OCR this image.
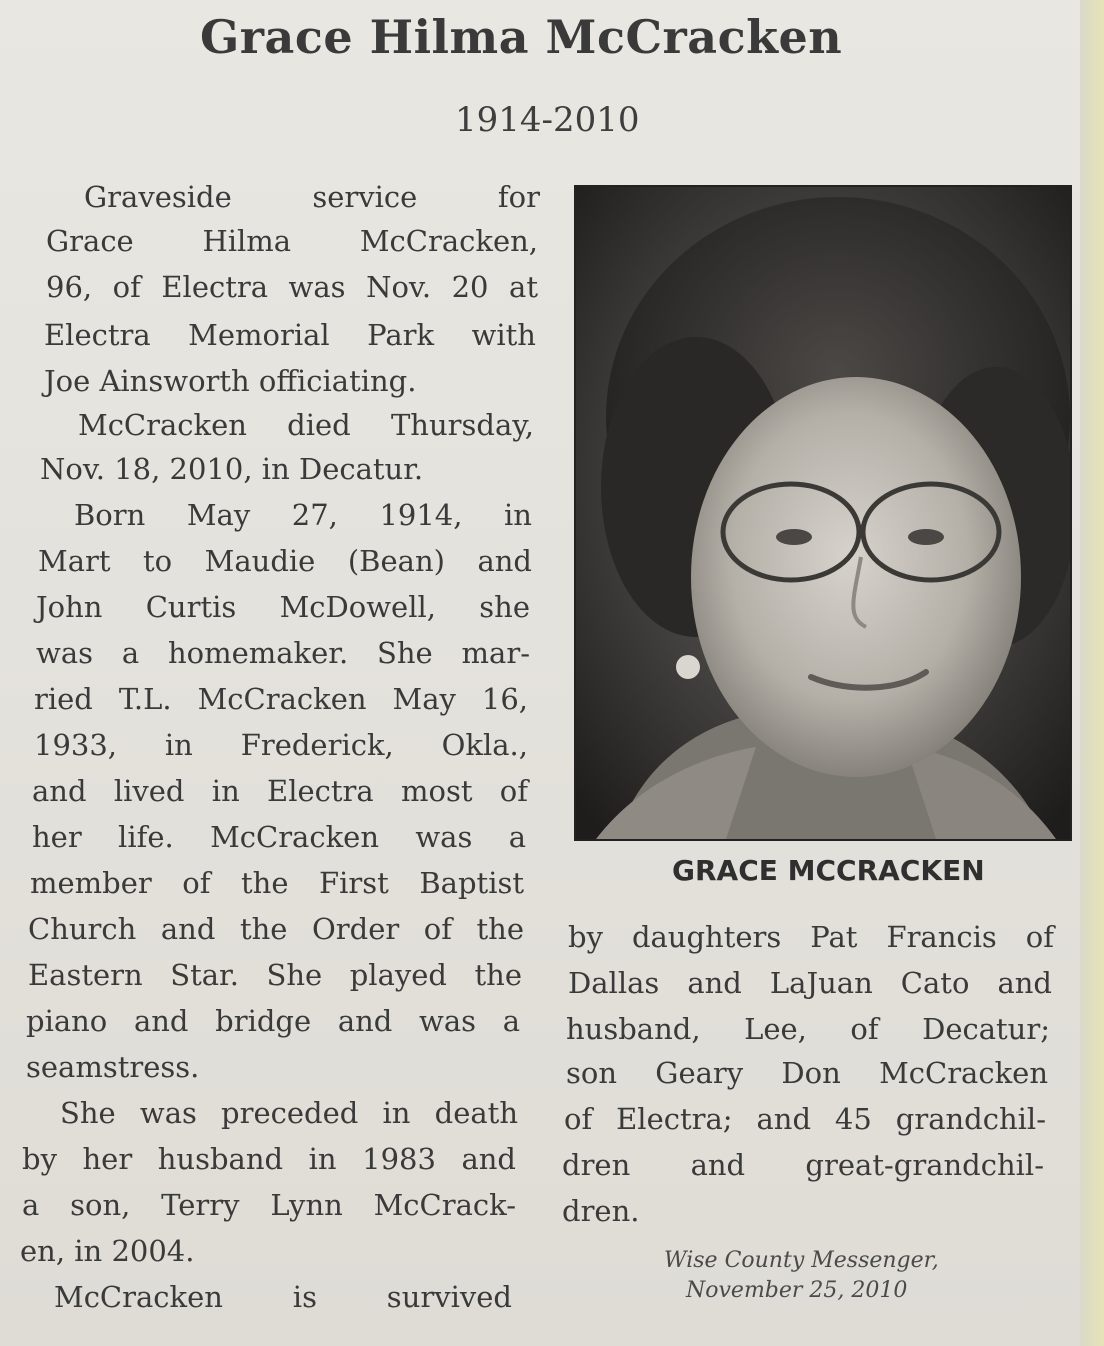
Grace Hilma McCracken
1914-2010
Graveside service for
Grace Hilma McCracken,
96, of Electra was Nov. 20 at
Electra Memorial Park with
Joe Ainsworth officiating.
McCracken died Thursday,
Nov. 18, 2010, in Decatur.
Born May 27, 1914, in
Mart to Maudie (Bean) and
John Curtis McDowell, she
was a homemaker. She mar-
ried T.L. McCracken May 16,
1933, in Frederick, Okla.,
and lived in Electra most of
her life. McCracken was a
member of the First Baptist
Church and the Order of the
Eastern Star. She played the
piano and bridge and was a
seamstress.
She was preceded in death
by her husband in 1983 and
a son, Terry Lynn McCrack-
en, in 2004.
McCracken is survived
GRACE MCCRACKEN
by daughters Pat Francis of
Dallas and LaJuan Cato and
husband, Lee, of Decatur;
son Geary Don McCracken
of Electra; and 45 grandchil-
dren and great-grandchil-
dren.
Wise County Messenger,
November 25, 2010
